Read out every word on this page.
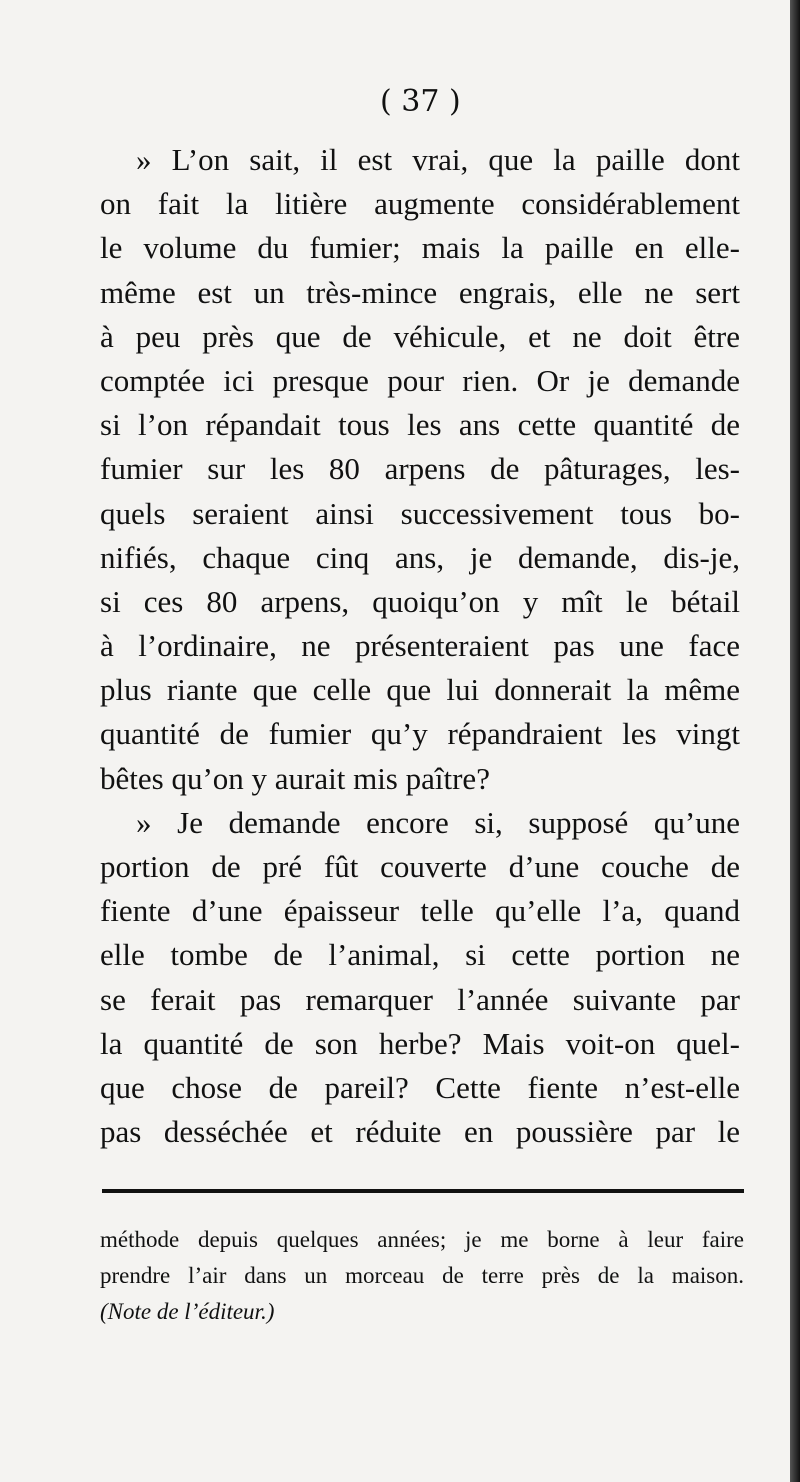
( 37 )
» L’on sait, il est vrai, que la paille dont
on fait la litière augmente considérablement
le volume du fumier; mais la paille en elle-
même est un très-mince engrais, elle ne sert
à peu près que de véhicule, et ne doit être
comptée ici presque pour rien. Or je demande
si l’on répandait tous les ans cette quantité de
fumier sur les 80 arpens de pâturages, les-
quels seraient ainsi successivement tous bo-
nifiés, chaque cinq ans, je demande, dis-je,
si ces 80 arpens, quoiqu’on y mît le bétail
à l’ordinaire, ne présenteraient pas une face
plus riante que celle que lui donnerait la même
quantité de fumier qu’y répandraient les vingt
bêtes qu’on y aurait mis paître?
» Je demande encore si, supposé qu’une
portion de pré fût couverte d’une couche de
fiente d’une épaisseur telle qu’elle l’a, quand
elle tombe de l’animal, si cette portion ne
se ferait pas remarquer l’année suivante par
la quantité de son herbe? Mais voit-on quel-
que chose de pareil? Cette fiente n’est-elle
pas desséchée et réduite en poussière par le
méthode depuis quelques années; je me borne à leur faire
prendre l’air dans un morceau de terre près de la maison.
(Note de l’éditeur.)
